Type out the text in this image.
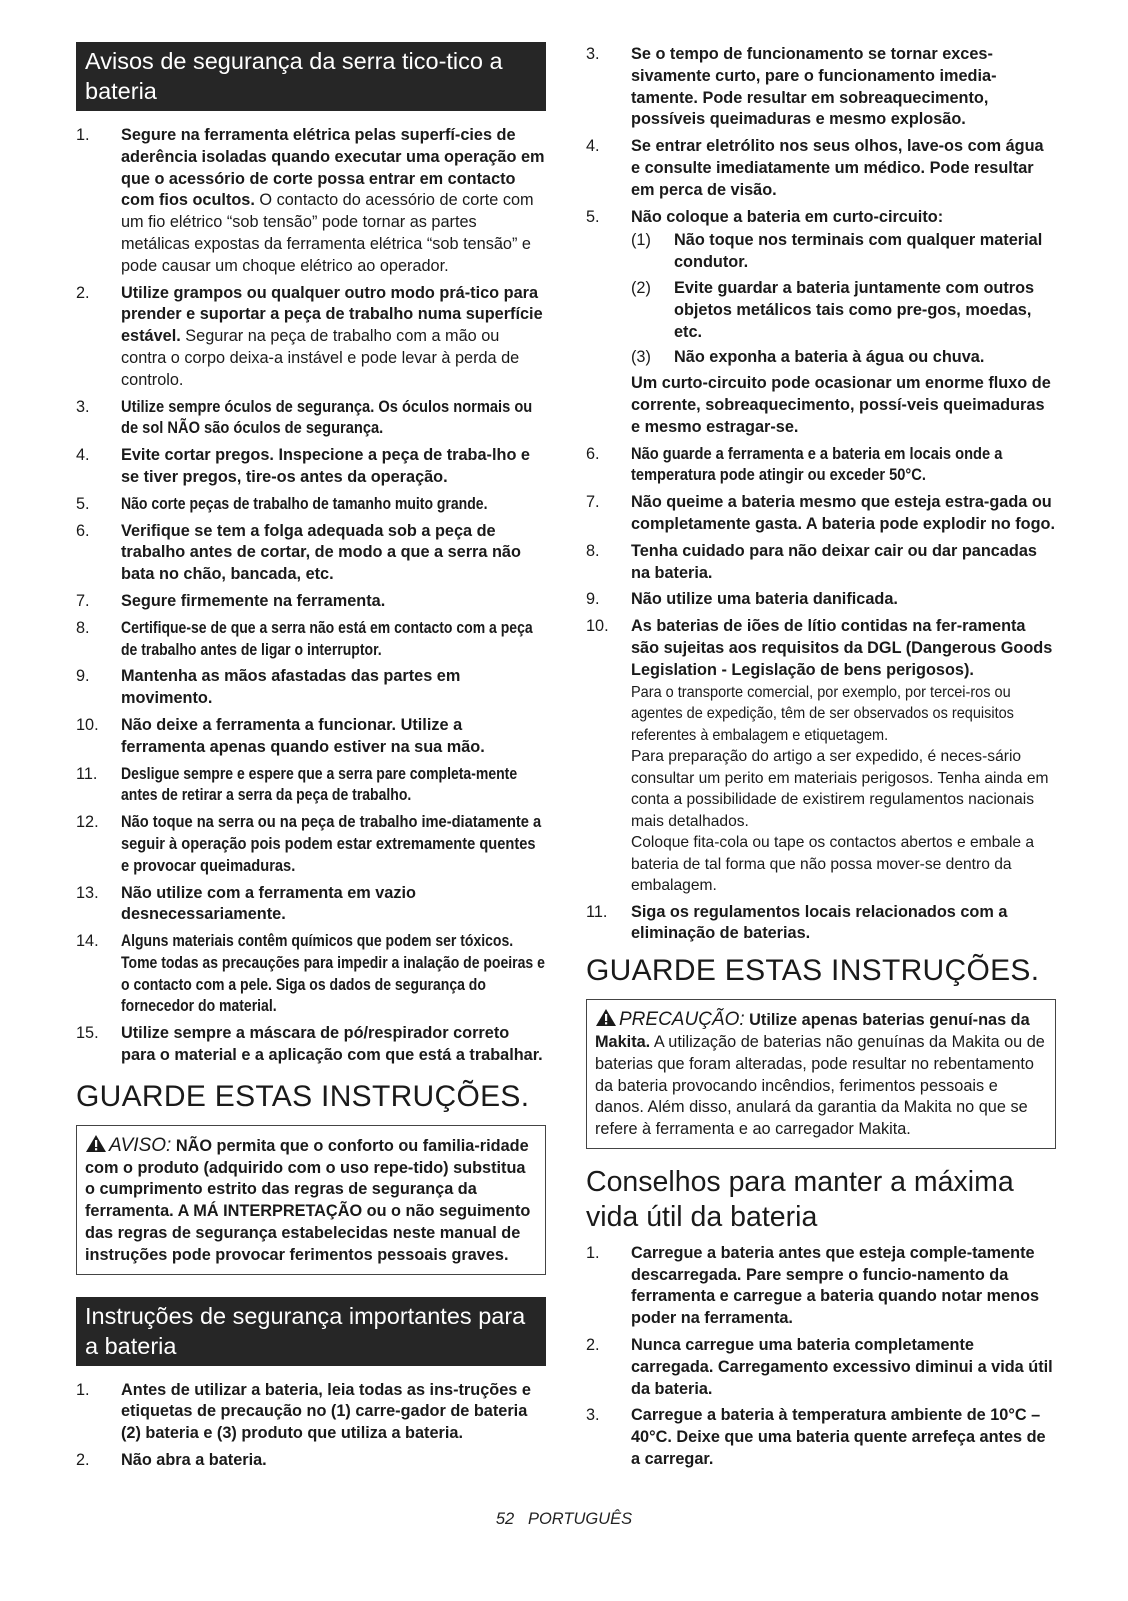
Avisos de segurança da serra tico-tico a bateria
1. Segure na ferramenta elétrica pelas superfí-cies de aderência isoladas quando executar uma operação em que o acessório de corte possa entrar em contacto com fios ocultos. O contacto do acessório de corte com um fio elétrico “sob tensão” pode tornar as partes metálicas expostas da ferramenta elétrica “sob tensão” e pode causar um choque elétrico ao operador.
2. Utilize grampos ou qualquer outro modo prá-tico para prender e suportar a peça de trabalho numa superfície estável. Segurar na peça de trabalho com a mão ou contra o corpo deixa-a instável e pode levar à perda de controlo.
3. Utilize sempre óculos de segurança. Os óculos normais ou de sol NÃO são óculos de segurança.
4. Evite cortar pregos. Inspecione a peça de traba-lho e se tiver pregos, tire-os antes da operação.
5. Não corte peças de trabalho de tamanho muito grande.
6. Verifique se tem a folga adequada sob a peça de trabalho antes de cortar, de modo a que a serra não bata no chão, bancada, etc.
7. Segure firmemente na ferramenta.
8. Certifique-se de que a serra não está em contacto com a peça de trabalho antes de ligar o interruptor.
9. Mantenha as mãos afastadas das partes em movimento.
10. Não deixe a ferramenta a funcionar. Utilize a ferramenta apenas quando estiver na sua mão.
11. Desligue sempre e espere que a serra pare completa-mente antes de retirar a serra da peça de trabalho.
12. Não toque na serra ou na peça de trabalho ime-diatamente a seguir à operação pois podem estar extremamente quentes e provocar queimaduras.
13. Não utilize com a ferramenta em vazio desnecessariamente.
14. Alguns materiais contêm químicos que podem ser tóxicos. Tome todas as precauções para impedir a inalação de poeiras e o contacto com a pele. Siga os dados de segurança do fornecedor do material.
15. Utilize sempre a máscara de pó/respirador correto para o material e a aplicação com que está a trabalhar.
GUARDE ESTAS INSTRUÇÕES.
AVISO: NÃO permita que o conforto ou familia-ridade com o produto (adquirido com o uso repe-tido) substitua o cumprimento estrito das regras de segurança da ferramenta. A MÁ INTERPRETAÇÃO ou o não seguimento das regras de segurança estabelecidas neste manual de instruções pode provocar ferimentos pessoais graves.
Instruções de segurança importantes para a bateria
1. Antes de utilizar a bateria, leia todas as ins-truções e etiquetas de precaução no (1) carre-gador de bateria (2) bateria e (3) produto que utiliza a bateria.
2. Não abra a bateria.
3. Se o tempo de funcionamento se tornar exces-sivamente curto, pare o funcionamento imedia-tamente. Pode resultar em sobreaquecimento, possíveis queimaduras e mesmo explosão.
4. Se entrar eletrólito nos seus olhos, lave-os com água e consulte imediatamente um médico. Pode resultar em perca de visão.
5. Não coloque a bateria em curto-circuito:
(1) Não toque nos terminais com qualquer material condutor.
(2) Evite guardar a bateria juntamente com outros objetos metálicos tais como pre-gos, moedas, etc.
(3) Não exponha a bateria à água ou chuva.
Um curto-circuito pode ocasionar um enorme fluxo de corrente, sobreaquecimento, possí-veis queimaduras e mesmo estragar-se.
6. Não guarde a ferramenta e a bateria em locais onde a temperatura pode atingir ou exceder 50°C.
7. Não queime a bateria mesmo que esteja estra-gada ou completamente gasta. A bateria pode explodir no fogo.
8. Tenha cuidado para não deixar cair ou dar pancadas na bateria.
9. Não utilize uma bateria danificada.
10. As baterias de iões de lítio contidas na fer-ramenta são sujeitas aos requisitos da DGL (Dangerous Goods Legislation - Legislação de bens perigosos).
Para o transporte comercial, por exemplo, por tercei-ros ou agentes de expedição, têm de ser observados os requisitos referentes à embalagem e etiquetagem.
Para preparação do artigo a ser expedido, é neces-sário consultar um perito em materiais perigosos. Tenha ainda em conta a possibilidade de existirem regulamentos nacionais mais detalhados.
Coloque fita-cola ou tape os contactos abertos e embale a bateria de tal forma que não possa mover-se dentro da embalagem.
11. Siga os regulamentos locais relacionados com a eliminação de baterias.
GUARDE ESTAS INSTRUÇÕES.
PRECAUÇÃO: Utilize apenas baterias genuí-nas da Makita. A utilização de baterias não genuínas da Makita ou de baterias que foram alteradas, pode resultar no rebentamento da bateria provocando incêndios, ferimentos pessoais e danos. Além disso, anulará da garantia da Makita no que se refere à ferramenta e ao carregador Makita.
Conselhos para manter a máxima vida útil da bateria
1. Carregue a bateria antes que esteja comple-tamente descarregada. Pare sempre o funcio-namento da ferramenta e carregue a bateria quando notar menos poder na ferramenta.
2. Nunca carregue uma bateria completamente carregada. Carregamento excessivo diminui a vida útil da bateria.
3. Carregue a bateria à temperatura ambiente de 10°C – 40°C. Deixe que uma bateria quente arrefeça antes de a carregar.
52 PORTUGUÊS
